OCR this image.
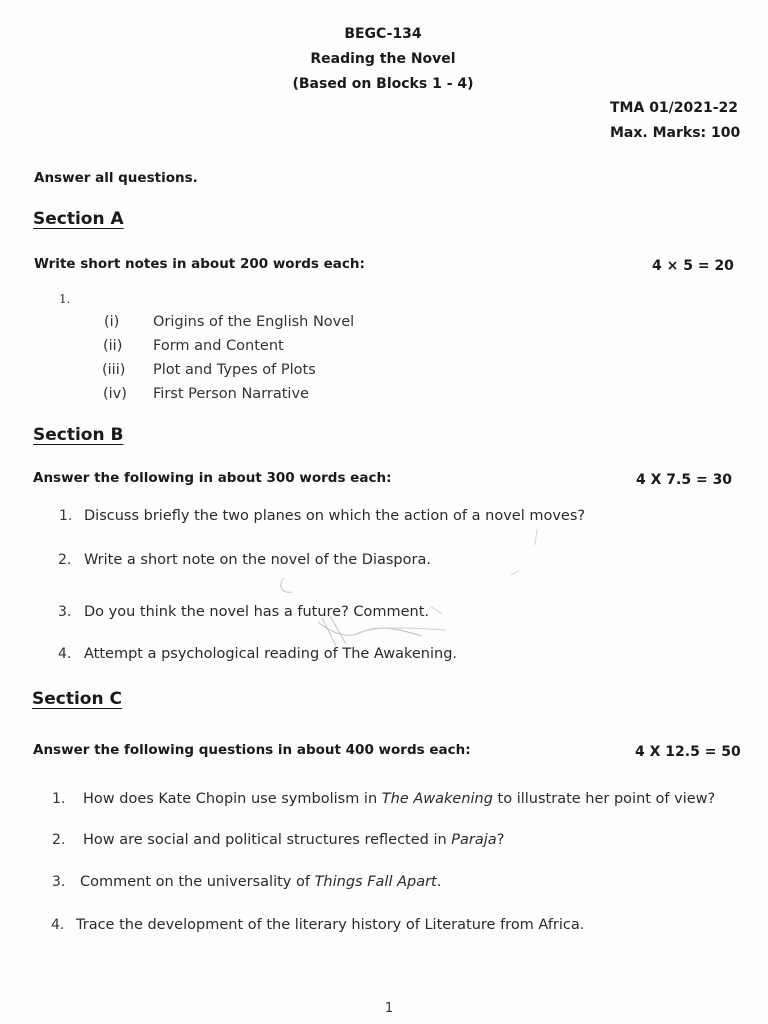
BEGC-134
Reading the Novel
(Based on Blocks 1 - 4)
TMA 01/2021-22
Max. Marks: 100
Answer all questions.
Section A
Write short notes in about 200 words each:	4 × 5 = 20
1.
(i) Origins of the English Novel
(ii) Form and Content
(iii) Plot and Types of Plots
(iv) First Person Narrative
Section B
Answer the following in about 300 words each:	4 X 7.5 = 30
1. Discuss briefly the two planes on which the action of a novel moves?
2. Write a short note on the novel of the Diaspora.
3. Do you think the novel has a future? Comment.
4. Attempt a psychological reading of The Awakening.
Section C
Answer the following questions in about 400 words each:	4 X 12.5 = 50
1. How does Kate Chopin use symbolism in The Awakening to illustrate her point of view?
2. How are social and political structures reflected in Paraja?
3. Comment on the universality of Things Fall Apart.
4. Trace the development of the literary history of Literature from Africa.
1
